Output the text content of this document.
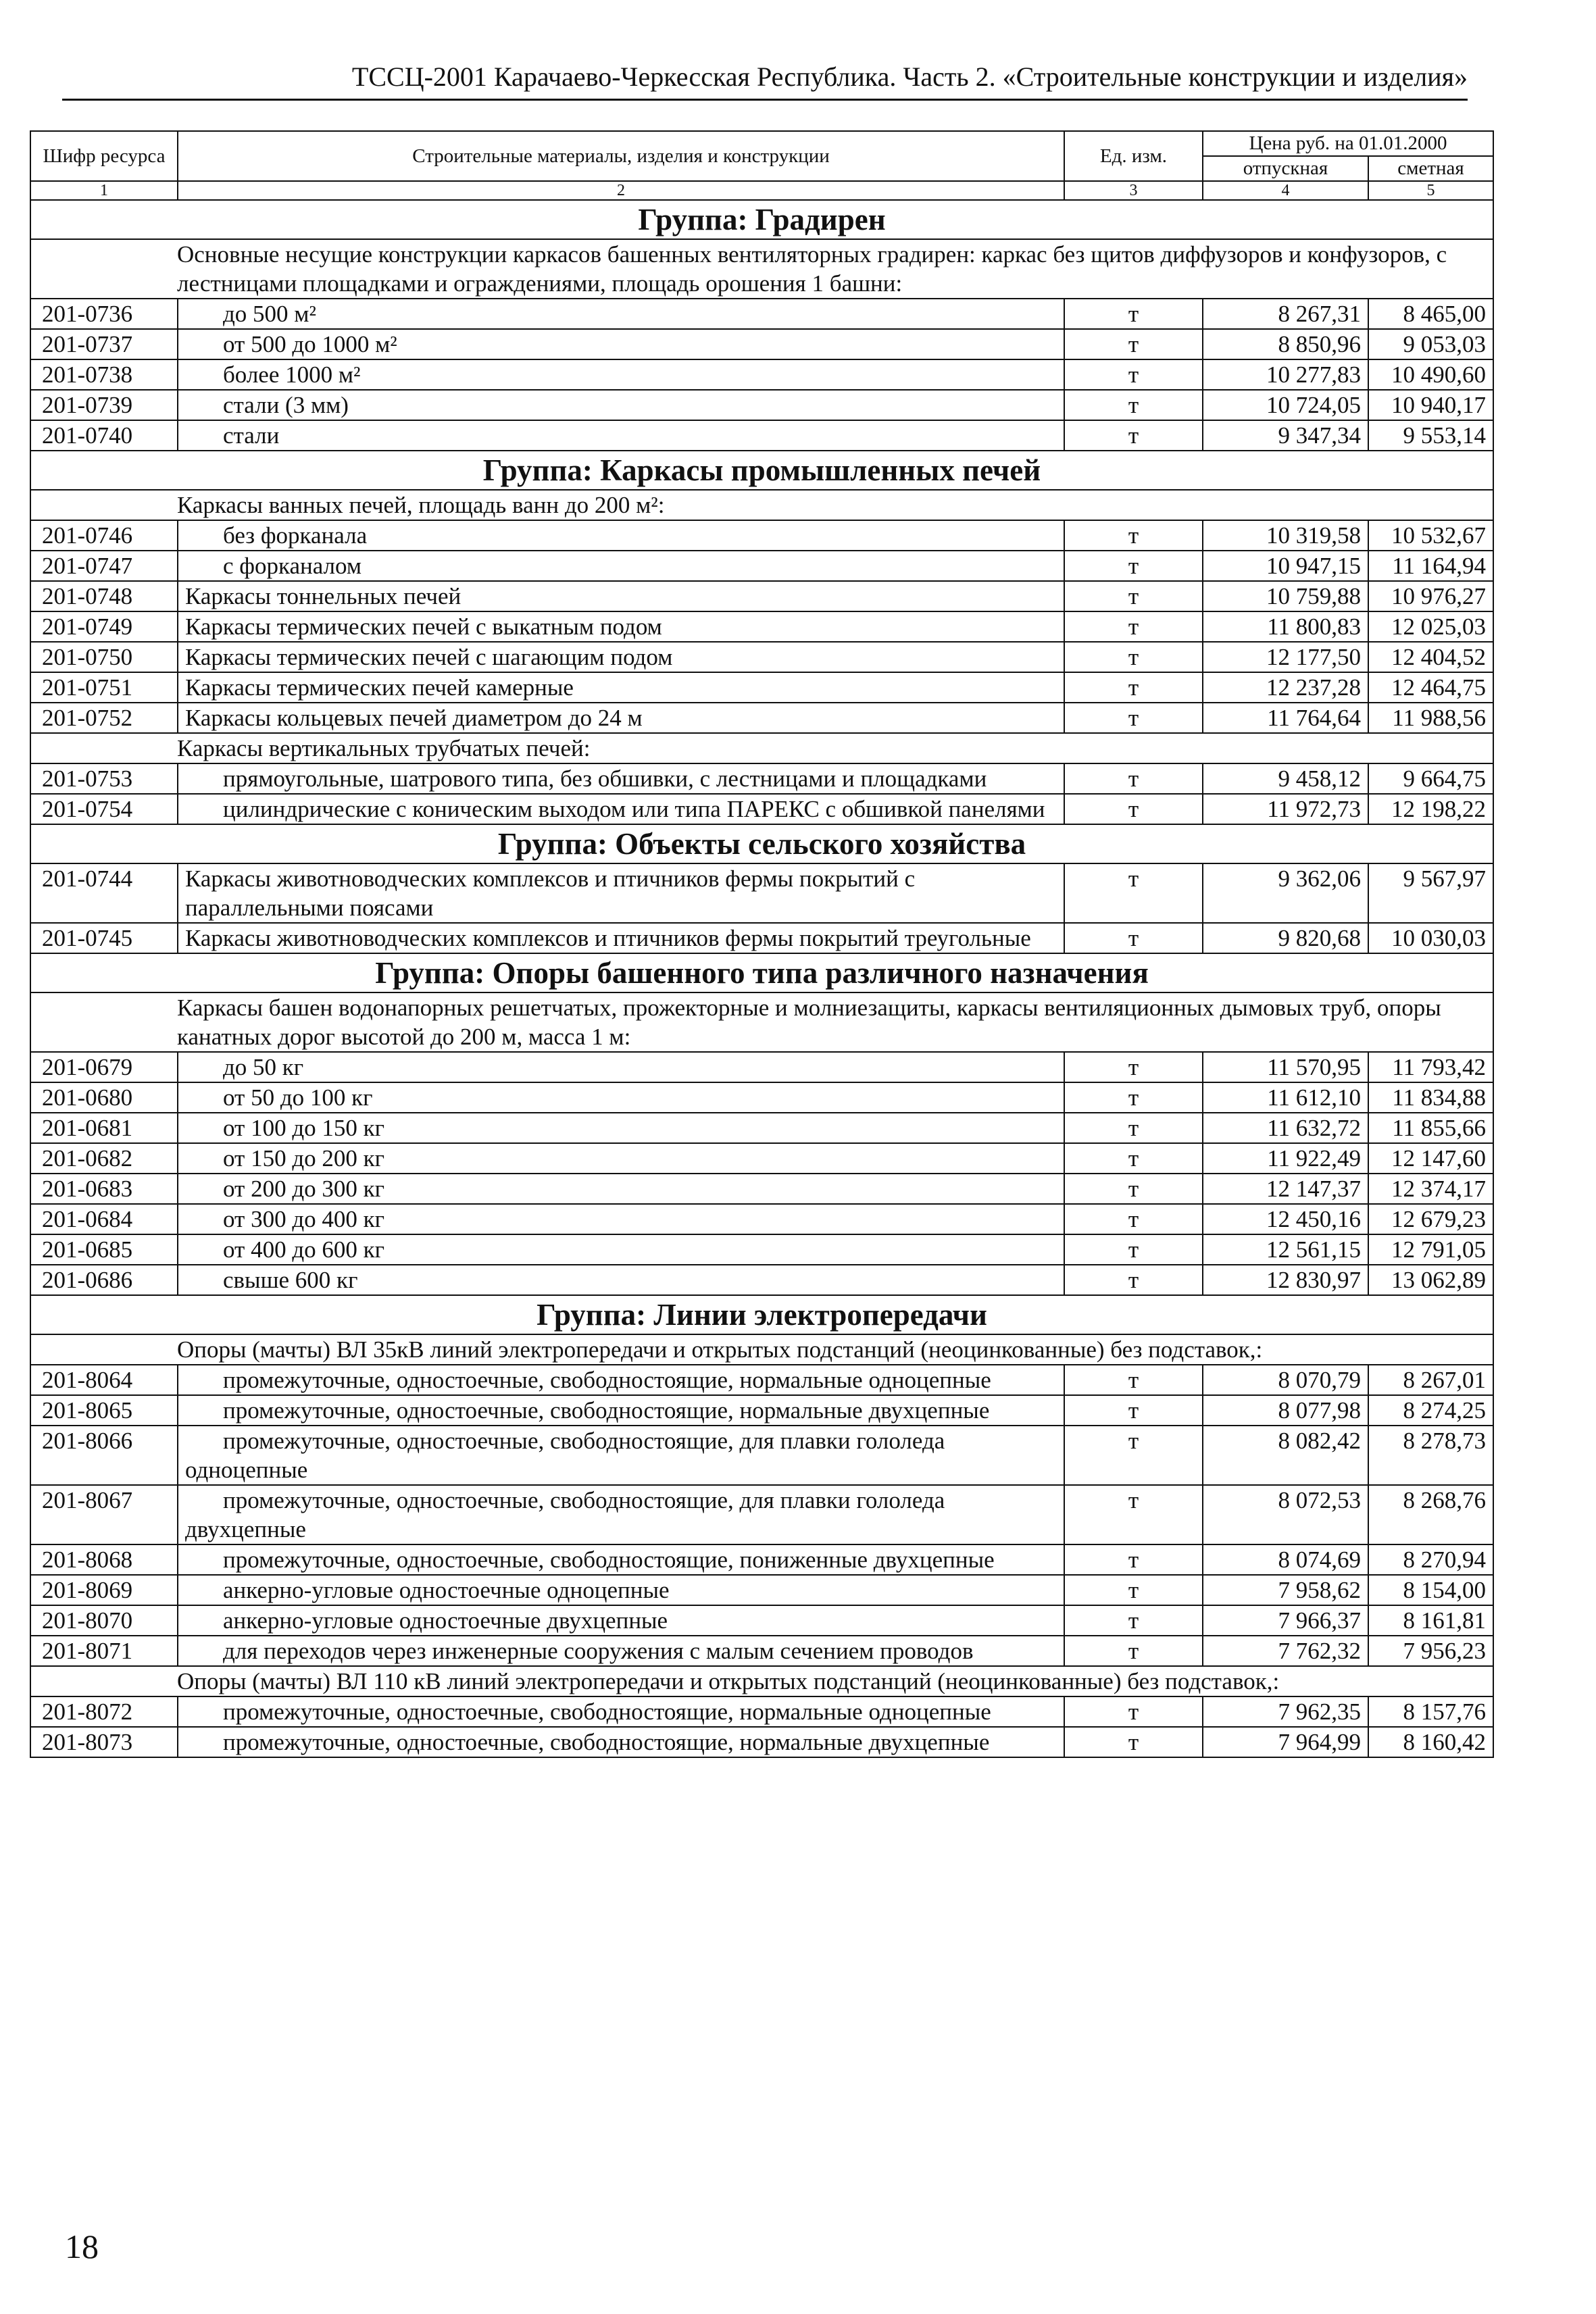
ТССЦ-2001 Карачаево-Черкесская Республика. Часть 2. «Строительные конструкции и изделия»
Шифр ресурса	Строительные материалы, изделия и конструкции	Ед. изм.	Цена руб. на 01.01.2000	
			отпускная	сметная
1	2	3	4	5
Группа: Градирен				
Основные несущие конструкции каркасов башенных вентиляторных градирен: каркас без щитов диффузоров и конфузоров, с лестницами площадками и ограждениями, площадь орошения 1 башни:				
201-0736	до 500 м²	т	8 267,31	8 465,00
201-0737	от 500 до 1000 м²	т	8 850,96	9 053,03
201-0738	более 1000 м²	т	10 277,83	10 490,60
201-0739	стали (3 мм)	т	10 724,05	10 940,17
201-0740	стали	т	9 347,34	9 553,14
Группа: Каркасы промышленных печей				
Каркасы ванных печей, площадь ванн до 200 м²:				
201-0746	без форканала	т	10 319,58	10 532,67
201-0747	с форканалом	т	10 947,15	11 164,94
201-0748	Каркасы тоннельных печей	т	10 759,88	10 976,27
201-0749	Каркасы термических печей с выкатным подом	т	11 800,83	12 025,03
201-0750	Каркасы термических печей с шагающим подом	т	12 177,50	12 404,52
201-0751	Каркасы термических печей камерные	т	12 237,28	12 464,75
201-0752	Каркасы кольцевых печей диаметром до 24 м	т	11 764,64	11 988,56
Каркасы вертикальных трубчатых печей:				
201-0753	прямоугольные, шатрового типа, без обшивки, с лестницами и площадками	т	9 458,12	9 664,75
201-0754	цилиндрические с коническим выходом или типа ПАРЕКС с обшивкой панелями	т	11 972,73	12 198,22
Группа: Объекты сельского хозяйства				
201-0744	Каркасы животноводческих комплексов и птичников фермы покрытий с параллельными поясами	т	9 362,06	9 567,97
201-0745	Каркасы животноводческих комплексов и птичников фермы покрытий треугольные	т	9 820,68	10 030,03
Группа: Опоры башенного типа различного назначения				
Каркасы башен водонапорных решетчатых, прожекторные и молниезащиты, каркасы вентиляционных дымовых труб, опоры канатных дорог высотой до 200 м, масса 1 м:				
201-0679	до 50 кг	т	11 570,95	11 793,42
201-0680	от 50 до 100 кг	т	11 612,10	11 834,88
201-0681	от 100 до 150 кг	т	11 632,72	11 855,66
201-0682	от 150 до 200 кг	т	11 922,49	12 147,60
201-0683	от 200 до 300 кг	т	12 147,37	12 374,17
201-0684	от 300 до 400 кг	т	12 450,16	12 679,23
201-0685	от 400 до 600 кг	т	12 561,15	12 791,05
201-0686	свыше 600 кг	т	12 830,97	13 062,89
Группа: Линии электропередачи				
Опоры (мачты) ВЛ 35кВ линий электропередачи и открытых подстанций (неоцинкованные) без подставок,:				
201-8064	промежуточные, одностоечные, свободностоящие, нормальные одноцепные	т	8 070,79	8 267,01
201-8065	промежуточные, одностоечные, свободностоящие, нормальные двухцепные	т	8 077,98	8 274,25
201-8066	промежуточные, одностоечные, свободностоящие, для плавки гололеда одноцепные	т	8 082,42	8 278,73
201-8067	промежуточные, одностоечные, свободностоящие, для плавки гололеда двухцепные	т	8 072,53	8 268,76
201-8068	промежуточные, одностоечные, свободностоящие, пониженные двухцепные	т	8 074,69	8 270,94
201-8069	анкерно-угловые одностоечные одноцепные	т	7 958,62	8 154,00
201-8070	анкерно-угловые одностоечные двухцепные	т	7 966,37	8 161,81
201-8071	для переходов через инженерные сооружения с малым сечением проводов	т	7 762,32	7 956,23
Опоры (мачты) ВЛ 110 кВ линий электропередачи и открытых подстанций (неоцинкованные) без подставок,:				
201-8072	промежуточные, одностоечные, свободностоящие, нормальные одноцепные	т	7 962,35	8 157,76
201-8073	промежуточные, одностоечные, свободностоящие, нормальные двухцепные	т	7 964,99	8 160,42
18
